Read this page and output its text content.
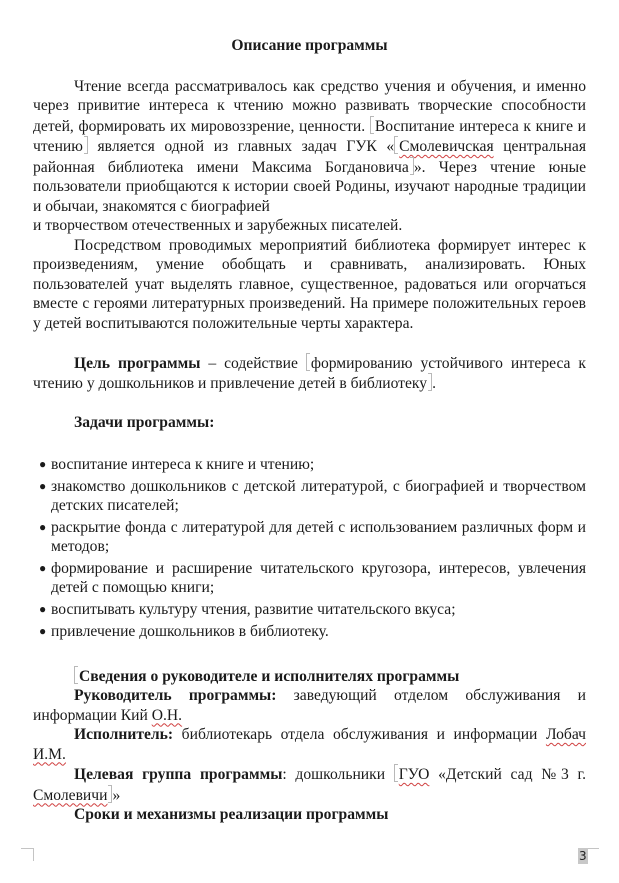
Описание программы

Чтение всегда рассматривалось как средство учения и обучения, и именно через привитие интереса к чтению можно развивать творческие способности детей, формировать их мировоззрение, ценности. Воспитание интереса к книге и чтению является одной из главных задач ГУК « Смолевичская центральная районная библиотека имени Максима Богдановича ». Через чтение юные пользователи приобщаются к истории своей Родины, изучают народные традиции и обычаи, знакомятся с биографией

и творчеством отечественных и зарубежных писателей.

Посредством проводимых мероприятий библиотека формирует интерес к произведениям, умение обобщать и сравнивать, анализировать. Юных пользователей учат выделять главное, существенное, радоваться или огорчаться вместе с героями литературных произведений. На примере положительных героев у детей воспитываются положительные черты характера.

Цель программы – содействие формированию устойчивого интереса к чтению у дошкольников и привлечение детей в библиотеку .

Задачи программы:

● воспитание интереса к книге и чтению;
● знакомство дошкольников с детской литературой, с биографией и творчеством детских писателей;
● раскрытие фонда с литературой для детей с использованием различных форм и методов;
● формирование и расширение читательского кругозора, интересов, увлечения детей с помощью книги;
● воспитывать культуру чтения, развитие читательского вкуса;
● привлечение дошкольников в библиотеку.

Сведения о руководителе и исполнителях программы

Руководитель программы: заведующий отделом обслуживания и информации Кий О.Н.

Исполнитель: библиотекарь отдела обслуживания и информации Лобач И.М.

Целевая группа программы: дошкольники ГУО «Детский сад №3 г. Смолевичи »

Сроки и механизмы реализации программы

3
